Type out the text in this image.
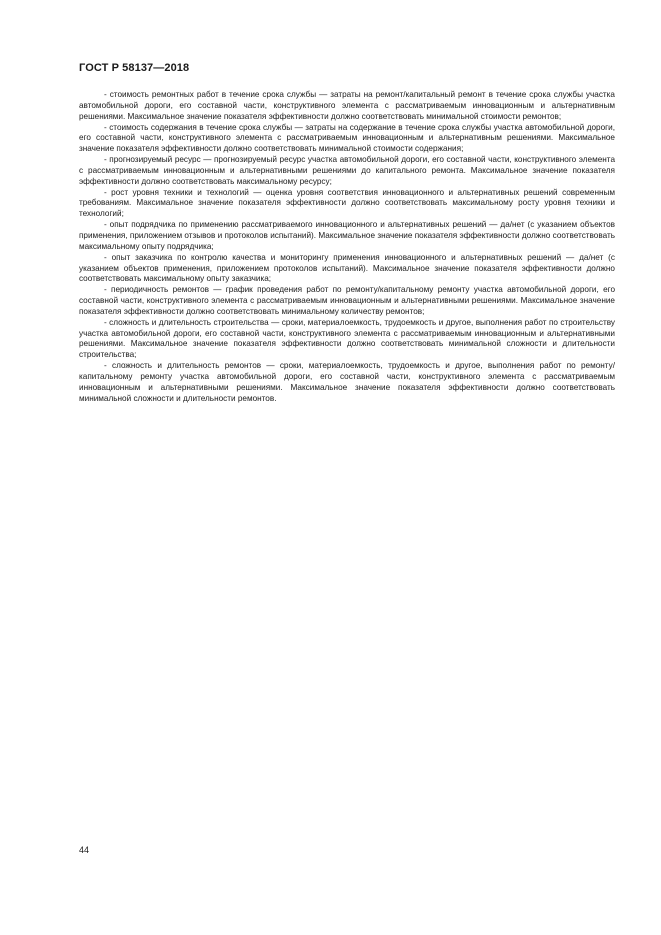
ГОСТ Р 58137—2018

- стоимость ремонтных работ в течение срока службы — затраты на ремонт/капитальный ремонт в течение срока службы участка автомобильной дороги, его составной части, конструктивного элемента с рассматриваемым инновационным и альтернативным решениями. Максимальное значение показателя эффективности должно соответствовать минимальной стоимости ремонтов;

- стоимость содержания в течение срока службы — затраты на содержание в течение срока службы участка автомобильной дороги, его составной части, конструктивного элемента с рассматриваемым инновационным и альтернативным решениями. Максимальное значение показателя эффективности должно соответствовать минимальной стоимости содержания;

- прогнозируемый ресурс — прогнозируемый ресурс участка автомобильной дороги, его составной части, конструктивного элемента с рассматриваемым инновационным и альтернативными решениями до капитального ремонта. Максимальное значение показателя эффективности должно соответствовать максимальному ресурсу;

- рост уровня техники и технологий — оценка уровня соответствия инновационного и альтернативных решений современным требованиям. Максимальное значение показателя эффективности должно соответствовать максимальному росту уровня техники и технологий;

- опыт подрядчика по применению рассматриваемого инновационного и альтернативных решений — да/нет (с указанием объектов применения, приложением отзывов и протоколов испытаний). Максимальное значение показателя эффективности должно соответствовать максимальному опыту подрядчика;

- опыт заказчика по контролю качества и мониторингу применения инновационного и альтернативных решений — да/нет (с указанием объектов применения, приложением протоколов испытаний). Максимальное значение показателя эффективности должно соответствовать максимальному опыту заказчика;

- периодичность ремонтов — график проведения работ по ремонту/капитальному ремонту участка автомобильной дороги, его составной части, конструктивного элемента с рассматриваемым инновационным и альтернативными решениями. Максимальное значение показателя эффективности должно соответствовать минимальному количеству ремонтов;

- сложность и длительность строительства — сроки, материалоемкость, трудоемкость и другое, выполнения работ по строительству участка автомобильной дороги, его составной части, конструктивного элемента с рассматриваемым инновационным и альтернативными решениями. Максимальное значение показателя эффективности должно соответствовать минимальной сложности и длительности строительства;

- сложность и длительность ремонтов — сроки, материалоемкость, трудоемкость и другое, выполнения работ по ремонту/капитальному ремонту участка автомобильной дороги, его составной части, конструктивного элемента с рассматриваемым инновационным и альтернативными решениями. Максимальное значение показателя эффективности должно соответствовать минимальной сложности и длительности ремонтов.

44
